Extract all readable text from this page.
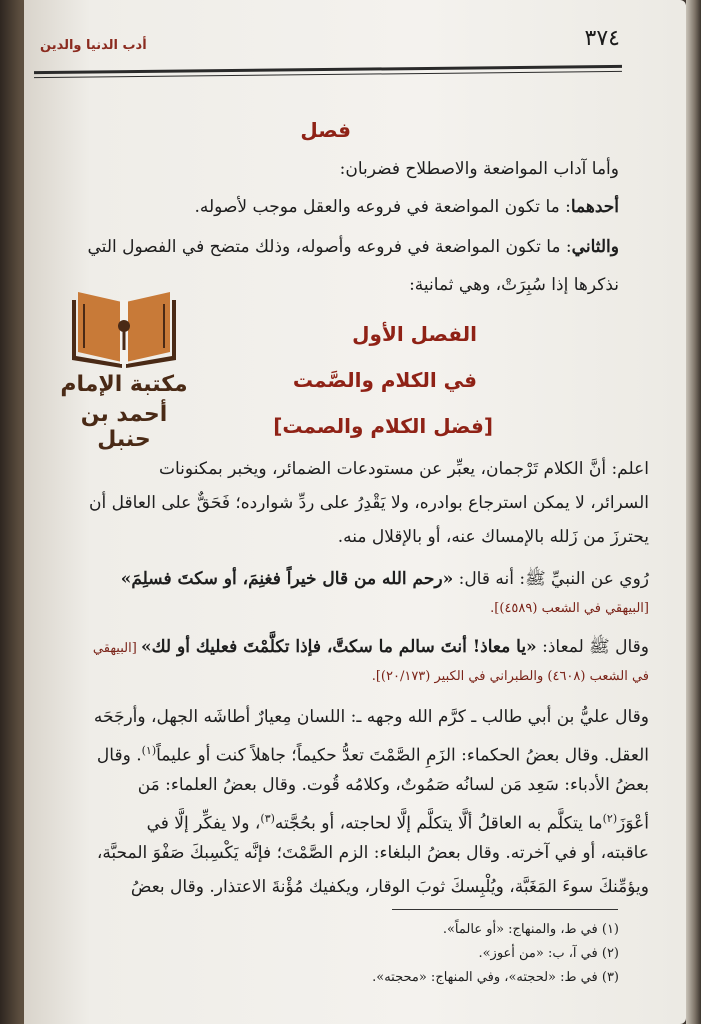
٣٧٤
أدب الدنيا والدين
فصل
وأما آداب المواضعة والاصطلاح فضربان:
أحدهما: ما تكون المواضعة في فروعه والعقل موجب لأصوله.
والثاني: ما تكون المواضعة في فروعه وأصوله، وذلك متضح في الفصول التي
نذكرها إذا سُبِرَتْ، وهي ثمانية:
مكتبة الإمام
أحمد بن حنبل
الفصل الأول
في الكلام والصَّمت
[فضل الكلام والصمت]
اعلم: أنَّ الكلام تَرْجمان، يعبِّر عن مستودعات الضمائر، ويخبر بمكنونات
السرائر، لا يمكن استرجاع بوادره، ولا يَقْدِرُ على ردِّ شوارده؛ فَحَقٌّ على العاقل أن
يحترزَ من زَلله بالإمساك عنه، أو بالإقلال منه.
رُوي عن النبيِّ ﷺ: أنه قال: «رحم الله من قال خيراً فغنِمَ، أو سكتَ فسلِمَ»
[البيهقي في الشعب (٤٥٨٩)].
وقال ﷺ لمعاذ: «يا معاذ! أنتَ سالم ما سكتَّ، فإذا تكلَّمْتَ فعليك أو لك» [البيهقي
في الشعب (٤٦٠٨) والطبراني في الكبير (٢٠/١٧٣)].
وقال عليُّ بن أبي طالب ـ كرَّم الله وجهه ـ: اللسان مِعيارٌ أطاشَه الجهل، وأرجَحَه
العقل. وقال بعضُ الحكماء: الزَمِ الصَّمْتَ تعدُّ حكيماً؛ جاهلاً كنت أو عليماً$^{(١)}$. وقال
بعضُ الأدباء: سَعِد مَن لسانُه صَمُوتٌ، وكلامُه قُوت. وقال بعضُ العلماء: مَن
أعْوَزَ$^{(٢)}$ما يتكلَّم به العاقلُ ألَّا يتكلَّم إلَّا لحاجته، أو بحُجَّته$^{(٣)}$، ولا يفكِّر إلَّا في
عاقبته، أو في آخرته. وقال بعضُ البلغاء: الزم الصَّمْتَ؛ فإنَّه يَكْسِبكَ صَفْوَ المحبَّة،
ويؤمِّنكَ سوءَ المَغَبَّة، ويُلْبِسكَ ثوبَ الوقار، ويكفيك مُؤْنةَ الاعتذار. وقال بعضُ
(١) في ط، والمنهاج: «أو عالماً».
(٢) في آ، ب: «من أعوز».
(٣) في ط: «لحجته»، وفي المنهاج: «محجته».
